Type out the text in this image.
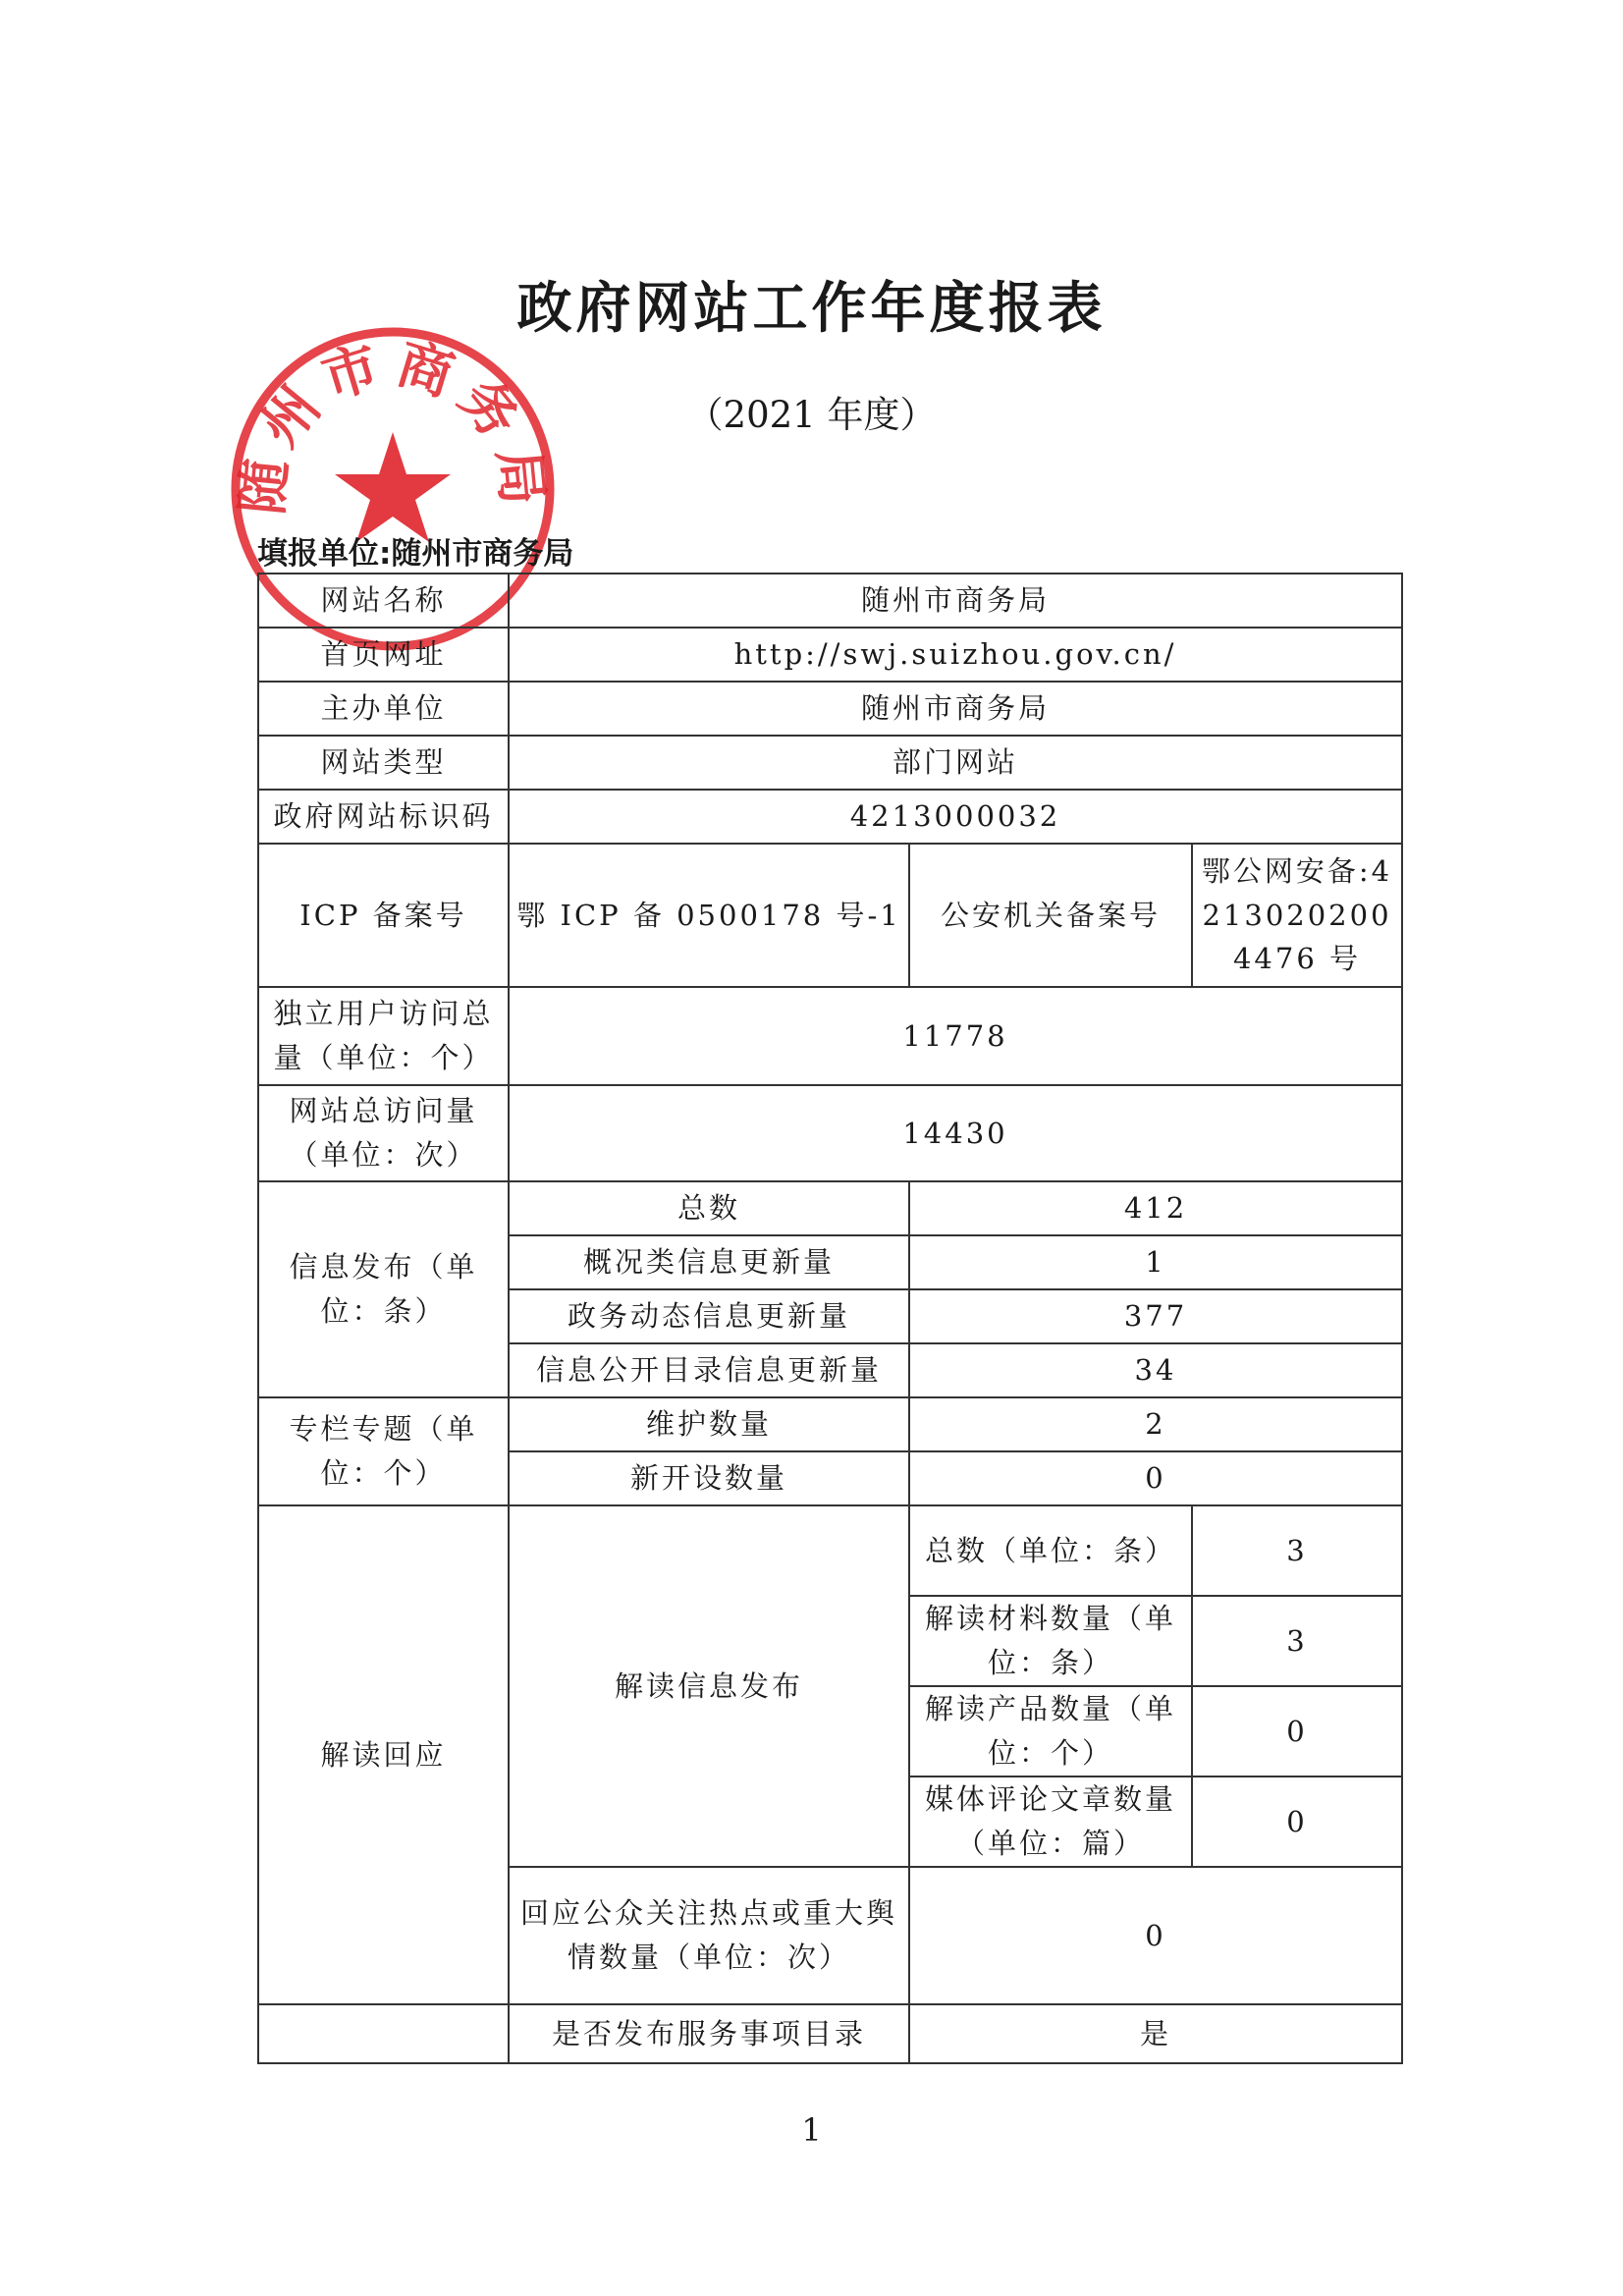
政府网站工作年度报表
（2021 年度）
随州市商务局
填报单位:随州市商务局
网站名称	随州市商务局		
首页网址	http://swj.suizhou.gov.cn/		
主办单位	随州市商务局		
网站类型	部门网站		
政府网站标识码	4213000032		
ICP 备案号	鄂 ICP 备 0500178 号-1	公安机关备案号	鄂公网安备:42130202004476 号
独立用户访问总量（单位：个）	11778		
网站总访问量（单位：次）	14430		
信息发布（单位：条）	总数	412	
	概况类信息更新量	1	
	政务动态信息更新量	377	
	信息公开目录信息更新量	34	
专栏专题（单位：个）	维护数量	2	
	新开设数量	0	
解读回应	解读信息发布	总数（单位：条）	3
		解读材料数量（单位：条）	3
		解读产品数量（单位：个）	0
		媒体评论文章数量（单位：篇）	0
	回应公众关注热点或重大舆情数量（单位：次）	0	
	是否发布服务事项目录	是	
1
